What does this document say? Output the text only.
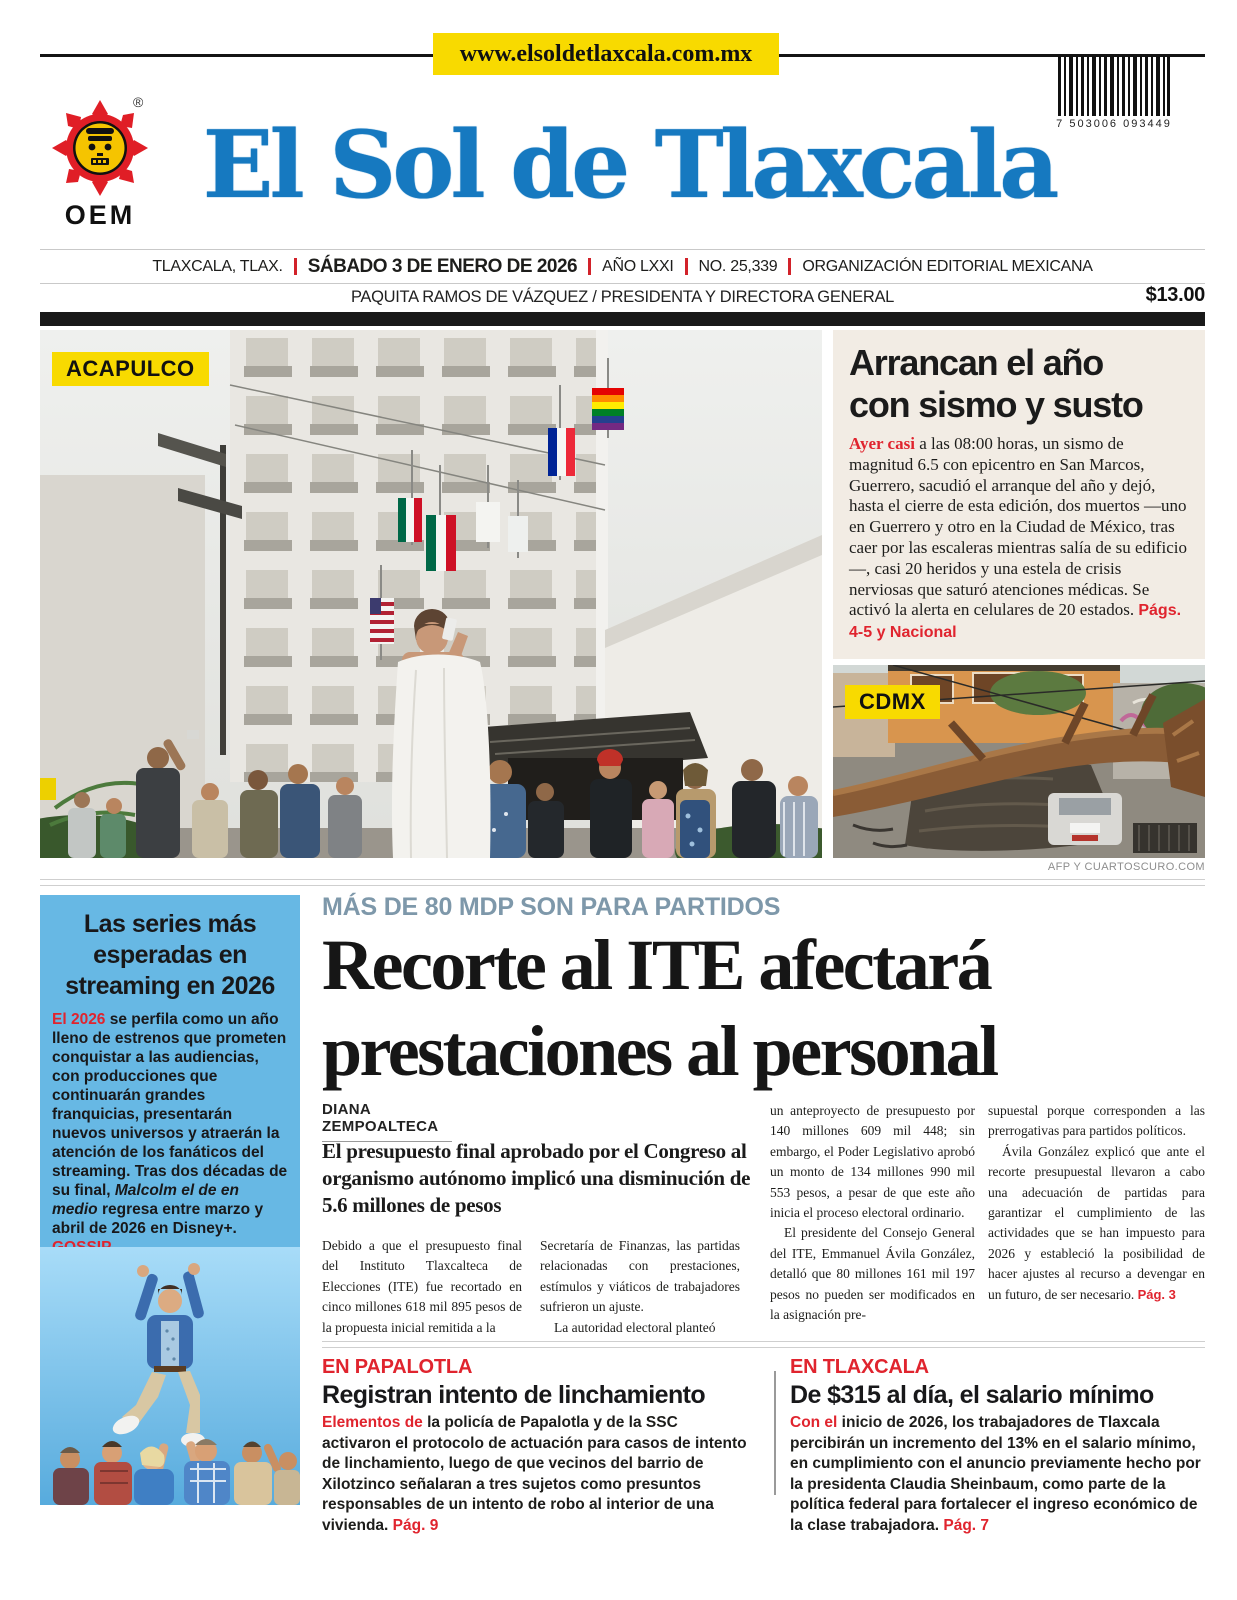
www.elsoldetlaxcala.com.mx
®
OEM El Sol de Tlaxcala 7 503006 093449
TLAXCALA, TLAX. SÁBADO 3 DE ENERO DE 2026 AÑO LXXI NO. 25,339 ORGANIZACIÓN EDITORIAL MEXICANA
PAQUITA RAMOS DE VÁZQUEZ / PRESIDENTA Y DIRECTORA GENERAL	$13.00
ACAPULCO	Arrancan el año
con sismo y susto
Ayer casi a las 08:00 horas, un sismo de magnitud 6.5 con epicentro en San Marcos, Guerrero, sacudió el arranque del año y dejó, hasta el cierre de esta edición, dos muertos —uno en Guerrero y otro en la Ciudad de México, tras caer por las escaleras mientras salía de su edificio—, casi 20 heridos y una estela de crisis nerviosas que saturó atenciones médicas. Se activó la alerta en celulares de 20 estados. Págs. 4-5 y Nacional
CDMX
AFP Y CUARTOSCURO.COM
Las series más esperadas en streaming en 2026
El 2026 se perfila como un año lleno de estrenos que prometen conquistar a las audiencias, con producciones que continuarán grandes franquicias, presentarán nuevos universos y atraerán la atención de los fanáticos del streaming. Tras dos décadas de su final, Malcolm el de en medio regresa entre marzo y abril de 2026 en Disney+.
MÁS DE 80 MDP SON PARA PARTIDOS
Recorte al ITE afectará
prestaciones al personal
DIANA ZEMPOALTECA
El presupuesto final aprobado por el Congreso al organismo autónomo implicó una disminución de 5.6 millones de pesos

Debido a que el presupuesto final del Instituto Tlaxcalteca de Elecciones (ITE) fue recortado en cinco millones 618 mil 895 pesos de la propuesta inicial remitida a la

Secretaría de Finanzas, las partidas relacionadas con prestaciones, estímulos y viáticos de trabajadores sufrieron un ajuste.

La autoridad electoral planteó

un anteproyecto de presupuesto por 140 millones 609 mil 448; sin embargo, el Poder Legislativo aprobó un monto de 134 millones 990 mil 553 pesos, a pesar de que este año inicia el proceso electoral ordinario.

El presidente del Consejo General del ITE, Emmanuel Ávila González, detalló que 80 millones 161 mil 197 pesos no pueden ser modificados en la asignación pre-

supuestal porque corresponden a las prerrogativas para partidos políticos.

Ávila González explicó que ante el recorte presupuestal llevaron a cabo una adecuación de partidas para garantizar el cumplimiento de las actividades que se han impuesto para 2026 y estableció la posibilidad de hacer ajustes al recurso a devengar en un futuro, de ser necesario. Pág. 3

EN PAPALOTLA
Registran intento de linchamiento
Elementos de la policía de Papalotla y de la SSC activaron el protocolo de actuación para casos de intento de linchamiento, luego de que vecinos del barrio de Xilotzinco señalaran a tres sujetos como presuntos responsables de un intento de robo al interior de una vivienda. Pág. 9
EN TLAXCALA
De $315 al día, el salario mínimo
Con el inicio de 2026, los trabajadores de Tlaxcala percibirán un incremento del 13% en el salario mínimo, en cumplimiento con el anuncio previamente hecho por la presidenta Claudia Sheinbaum, como parte de la política federal para fortalecer el ingreso económico de la clase trabajadora. Pág. 7
